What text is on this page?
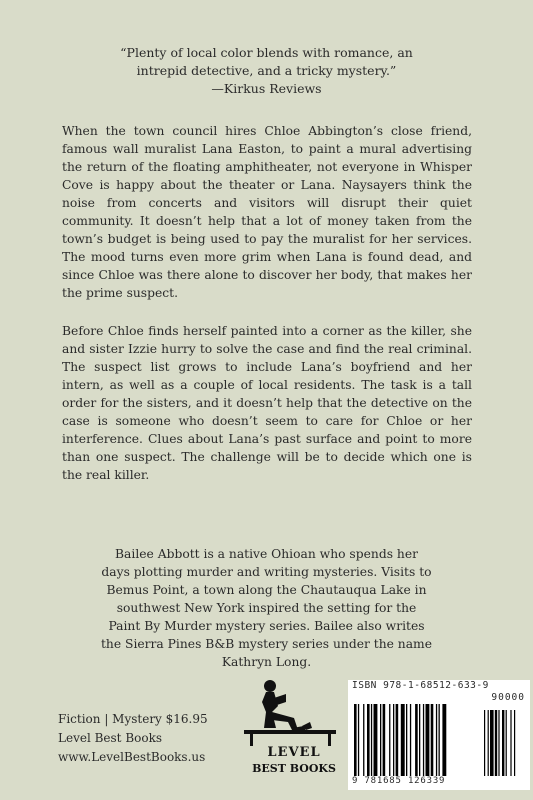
“Plenty of local color blends with romance, an
intrepid detective, and a tricky mystery.”
—Kirkus Reviews

When the town council hires Chloe Abbington’s close friend, famous wall muralist Lana Easton, to paint a mural advertising the return of the floating amphitheater, not everyone in Whisper Cove is happy about the theater or Lana. Naysayers think the noise from concerts and visitors will disrupt their quiet community. It doesn’t help that a lot of money taken from the town’s budget is being used to pay the muralist for her services. The mood turns even more grim when Lana is found dead, and since Chloe was there alone to discover her body, that makes her the prime suspect.

Before Chloe finds herself painted into a corner as the killer, she and sister Izzie hurry to solve the case and find the real criminal. The suspect list grows to include Lana’s boyfriend and her intern, as well as a couple of local residents. The task is a tall order for the sisters, and it doesn’t help that the detective on the case is someone who doesn’t seem to care for Chloe or her interference. Clues about Lana’s past surface and point to more than one suspect. The challenge will be to decide which one is the real killer.

Bailee Abbott is a native Ohioan who spends her
days plotting murder and writing mysteries. Visits to
Bemus Point, a town along the Chautauqua Lake in
southwest New York inspired the setting for the
Paint By Murder mystery series. Bailee also writes
the Sierra Pines B&B mystery series under the name
Kathryn Long.
Fiction | Mystery $16.95
Level Best Books
www.LevelBestBooks.us	LEVEL
BEST BOOKS
ISBN 978-1-68512-633-9
90000
9 781685 126339
